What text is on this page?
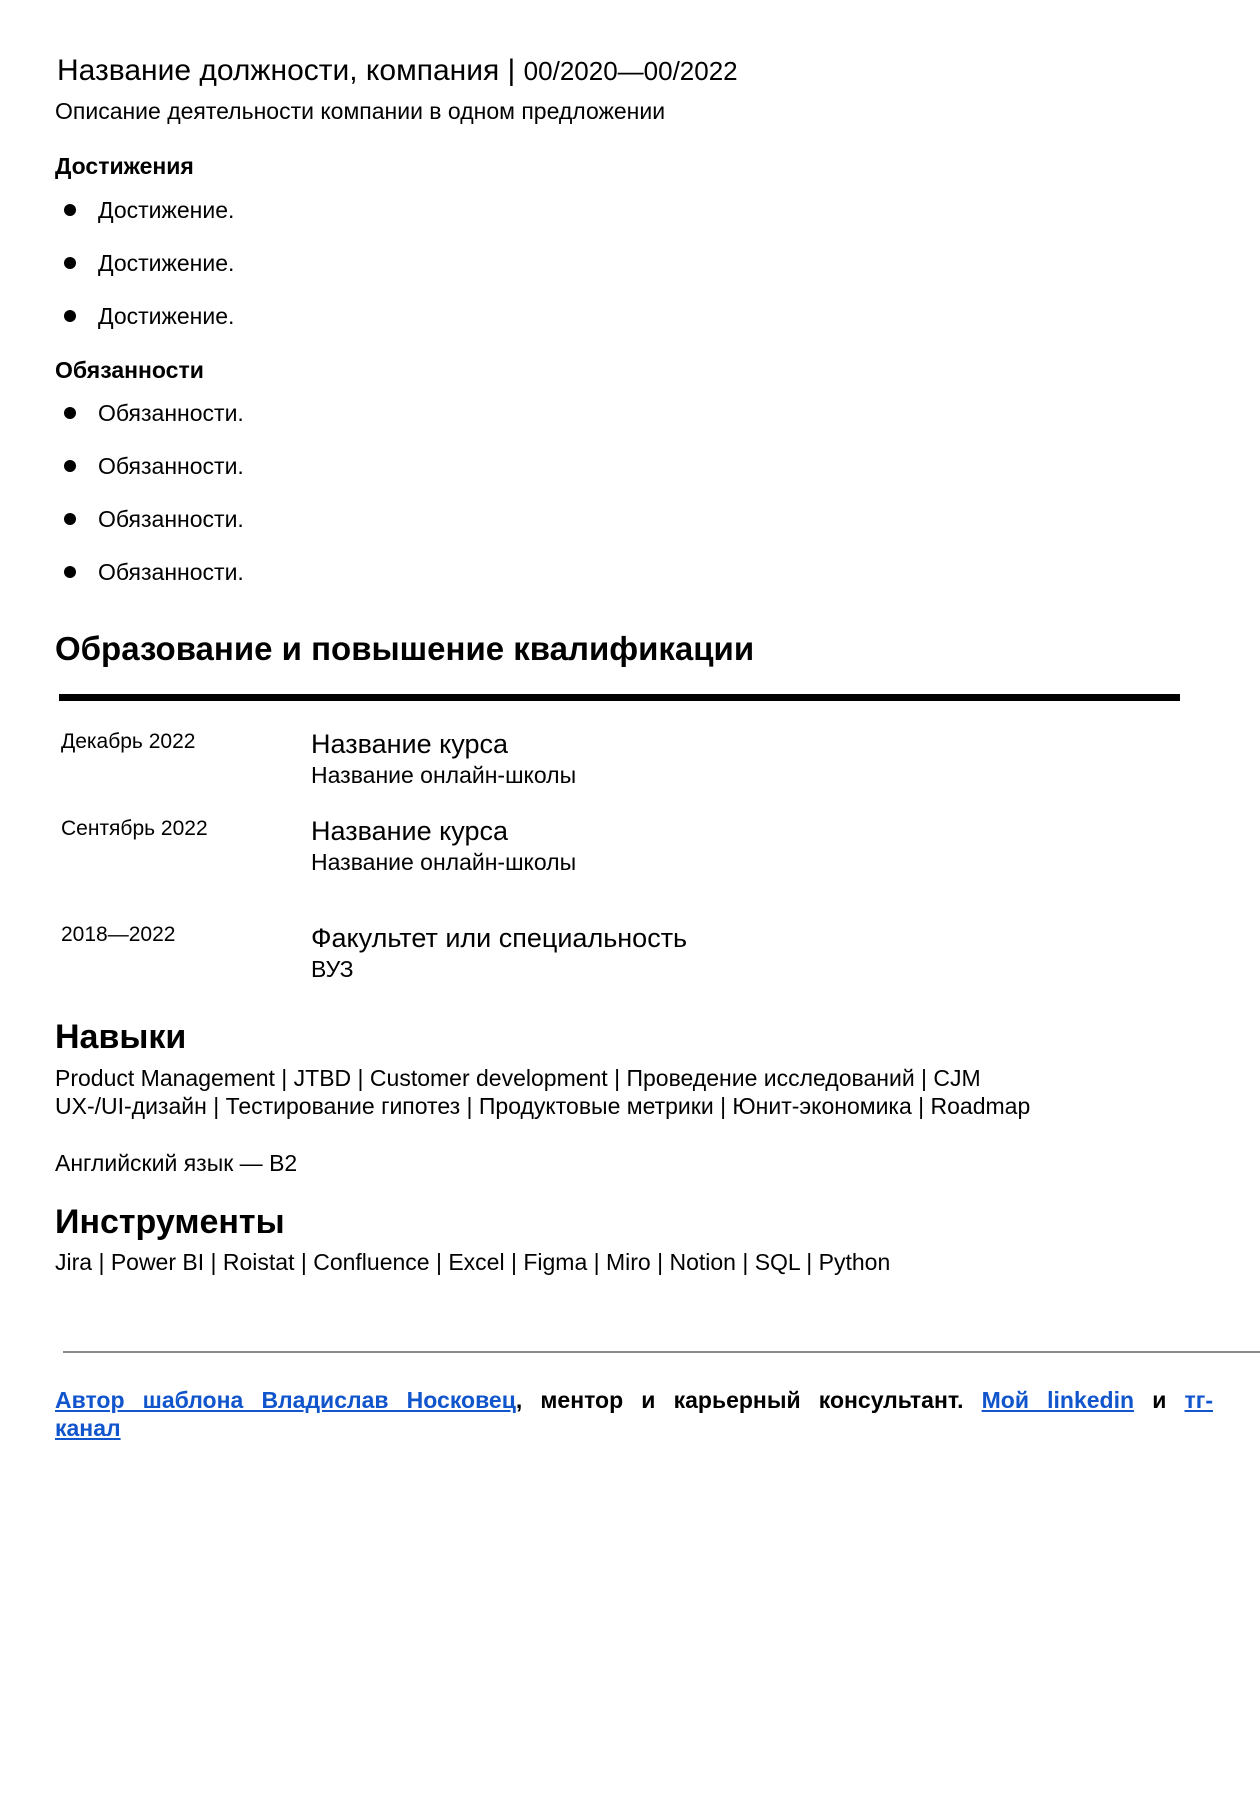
Название должности, компания | 00/2020—00/2022
Описание деятельности компании в одном предложении
Достижения
Достижение.
Достижение.
Достижение.
Обязанности
Обязанности.
Обязанности.
Обязанности.
Обязанности.
Образование и повышение квалификации
Декабрь 2022	Название курса
Название онлайн-школы
Сентябрь 2022	Название курса
Название онлайн-школы
2018—2022	Факультет или специальность
ВУЗ
Навыки
Product Management | JTBD | Customer development | Проведение исследований | CJM
UX-/UI-дизайн | Тестирование гипотез | Продуктовые метрики | Юнит-экономика | Roadmap
Английский язык — B2
Инструменты
Jira | Power BI | Roistat | Confluence | Excel | Figma | Miro | Notion | SQL | Python
Автор шаблона Владислав Носковец, ментор и карьерный консультант. Мой linkedin и тг-канал
